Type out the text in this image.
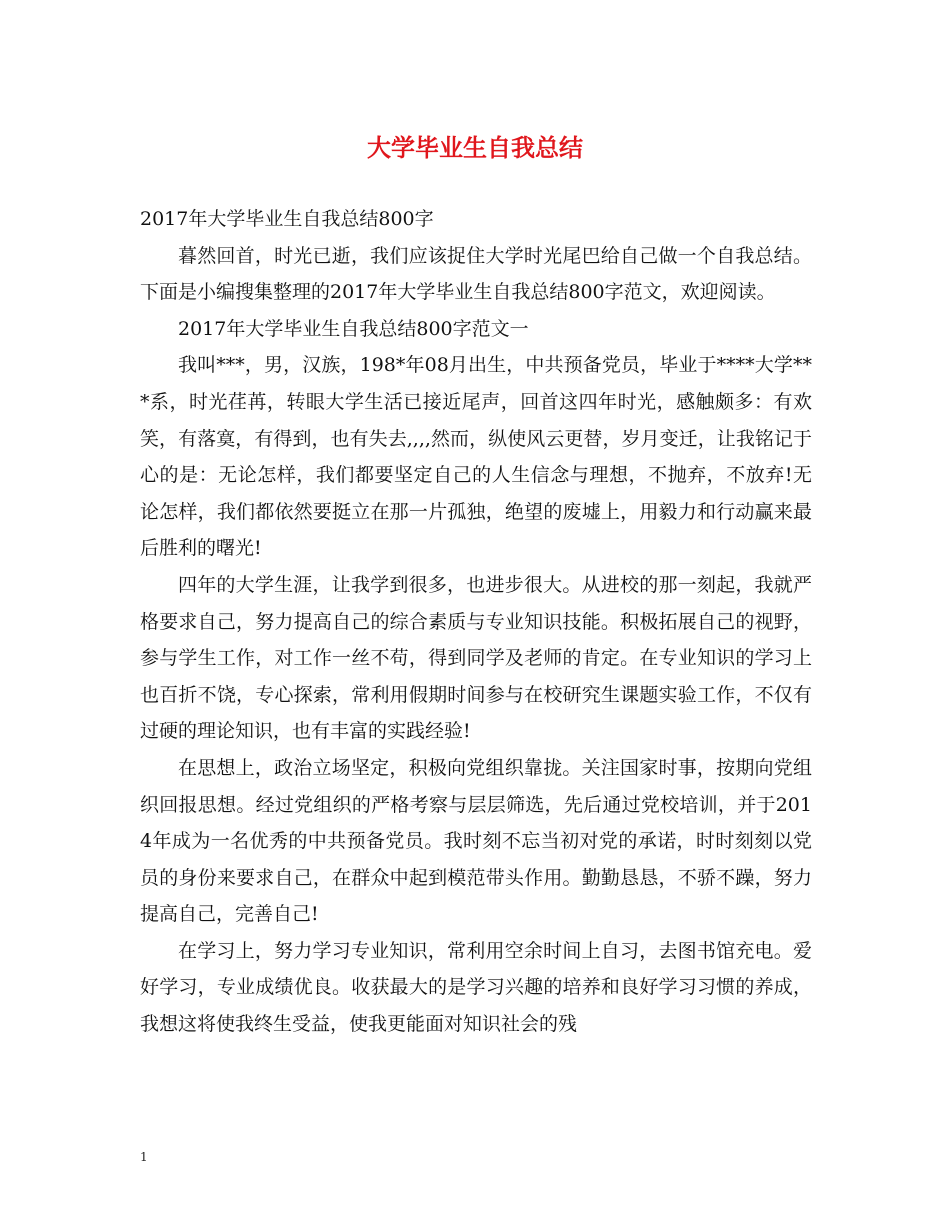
大学毕业生自我总结

2017年大学毕业生自我总结800字

暮然回首，时光已逝，我们应该捉住大学时光尾巴给自己做一个自我总结。下面是小编搜集整理的2017年大学毕业生自我总结800字范文，欢迎阅读。

2017年大学毕业生自我总结800字范文一

我叫***，男，汉族，198*年08月出生，中共预备党员，毕业于****大学***系，时光荏苒，转眼大学生活已接近尾声，回首这四年时光，感触颇多：有欢笑，有落寞，有得到，也有失去,,,,然而，纵使风云更替，岁月变迁，让我铭记于心的是：无论怎样，我们都要坚定自己的人生信念与理想，不抛弃，不放弃!无论怎样，我们都依然要挺立在那一片孤独，绝望的废墟上，用毅力和行动赢来最后胜利的曙光!

四年的大学生涯，让我学到很多，也进步很大。从进校的那一刻起，我就严格要求自己，努力提高自己的综合素质与专业知识技能。积极拓展自己的视野，参与学生工作，对工作一丝不苟，得到同学及老师的肯定。在专业知识的学习上也百折不饶，专心探索，常利用假期时间参与在校研究生课题实验工作，不仅有过硬的理论知识，也有丰富的实践经验!

在思想上，政治立场坚定，积极向党组织靠拢。关注国家时事，按期向党组织回报思想。经过党组织的严格考察与层层筛选，先后通过党校培训，并于2014年成为一名优秀的中共预备党员。我时刻不忘当初对党的承诺，时时刻刻以党员的身份来要求自己，在群众中起到模范带头作用。勤勤恳恳，不骄不躁，努力提高自己，完善自己!

在学习上，努力学习专业知识，常利用空余时间上自习，去图书馆充电。爱好学习，专业成绩优良。收获最大的是学习兴趣的培养和良好学习习惯的养成，我想这将使我终生受益，使我更能面对知识社会的残

1
